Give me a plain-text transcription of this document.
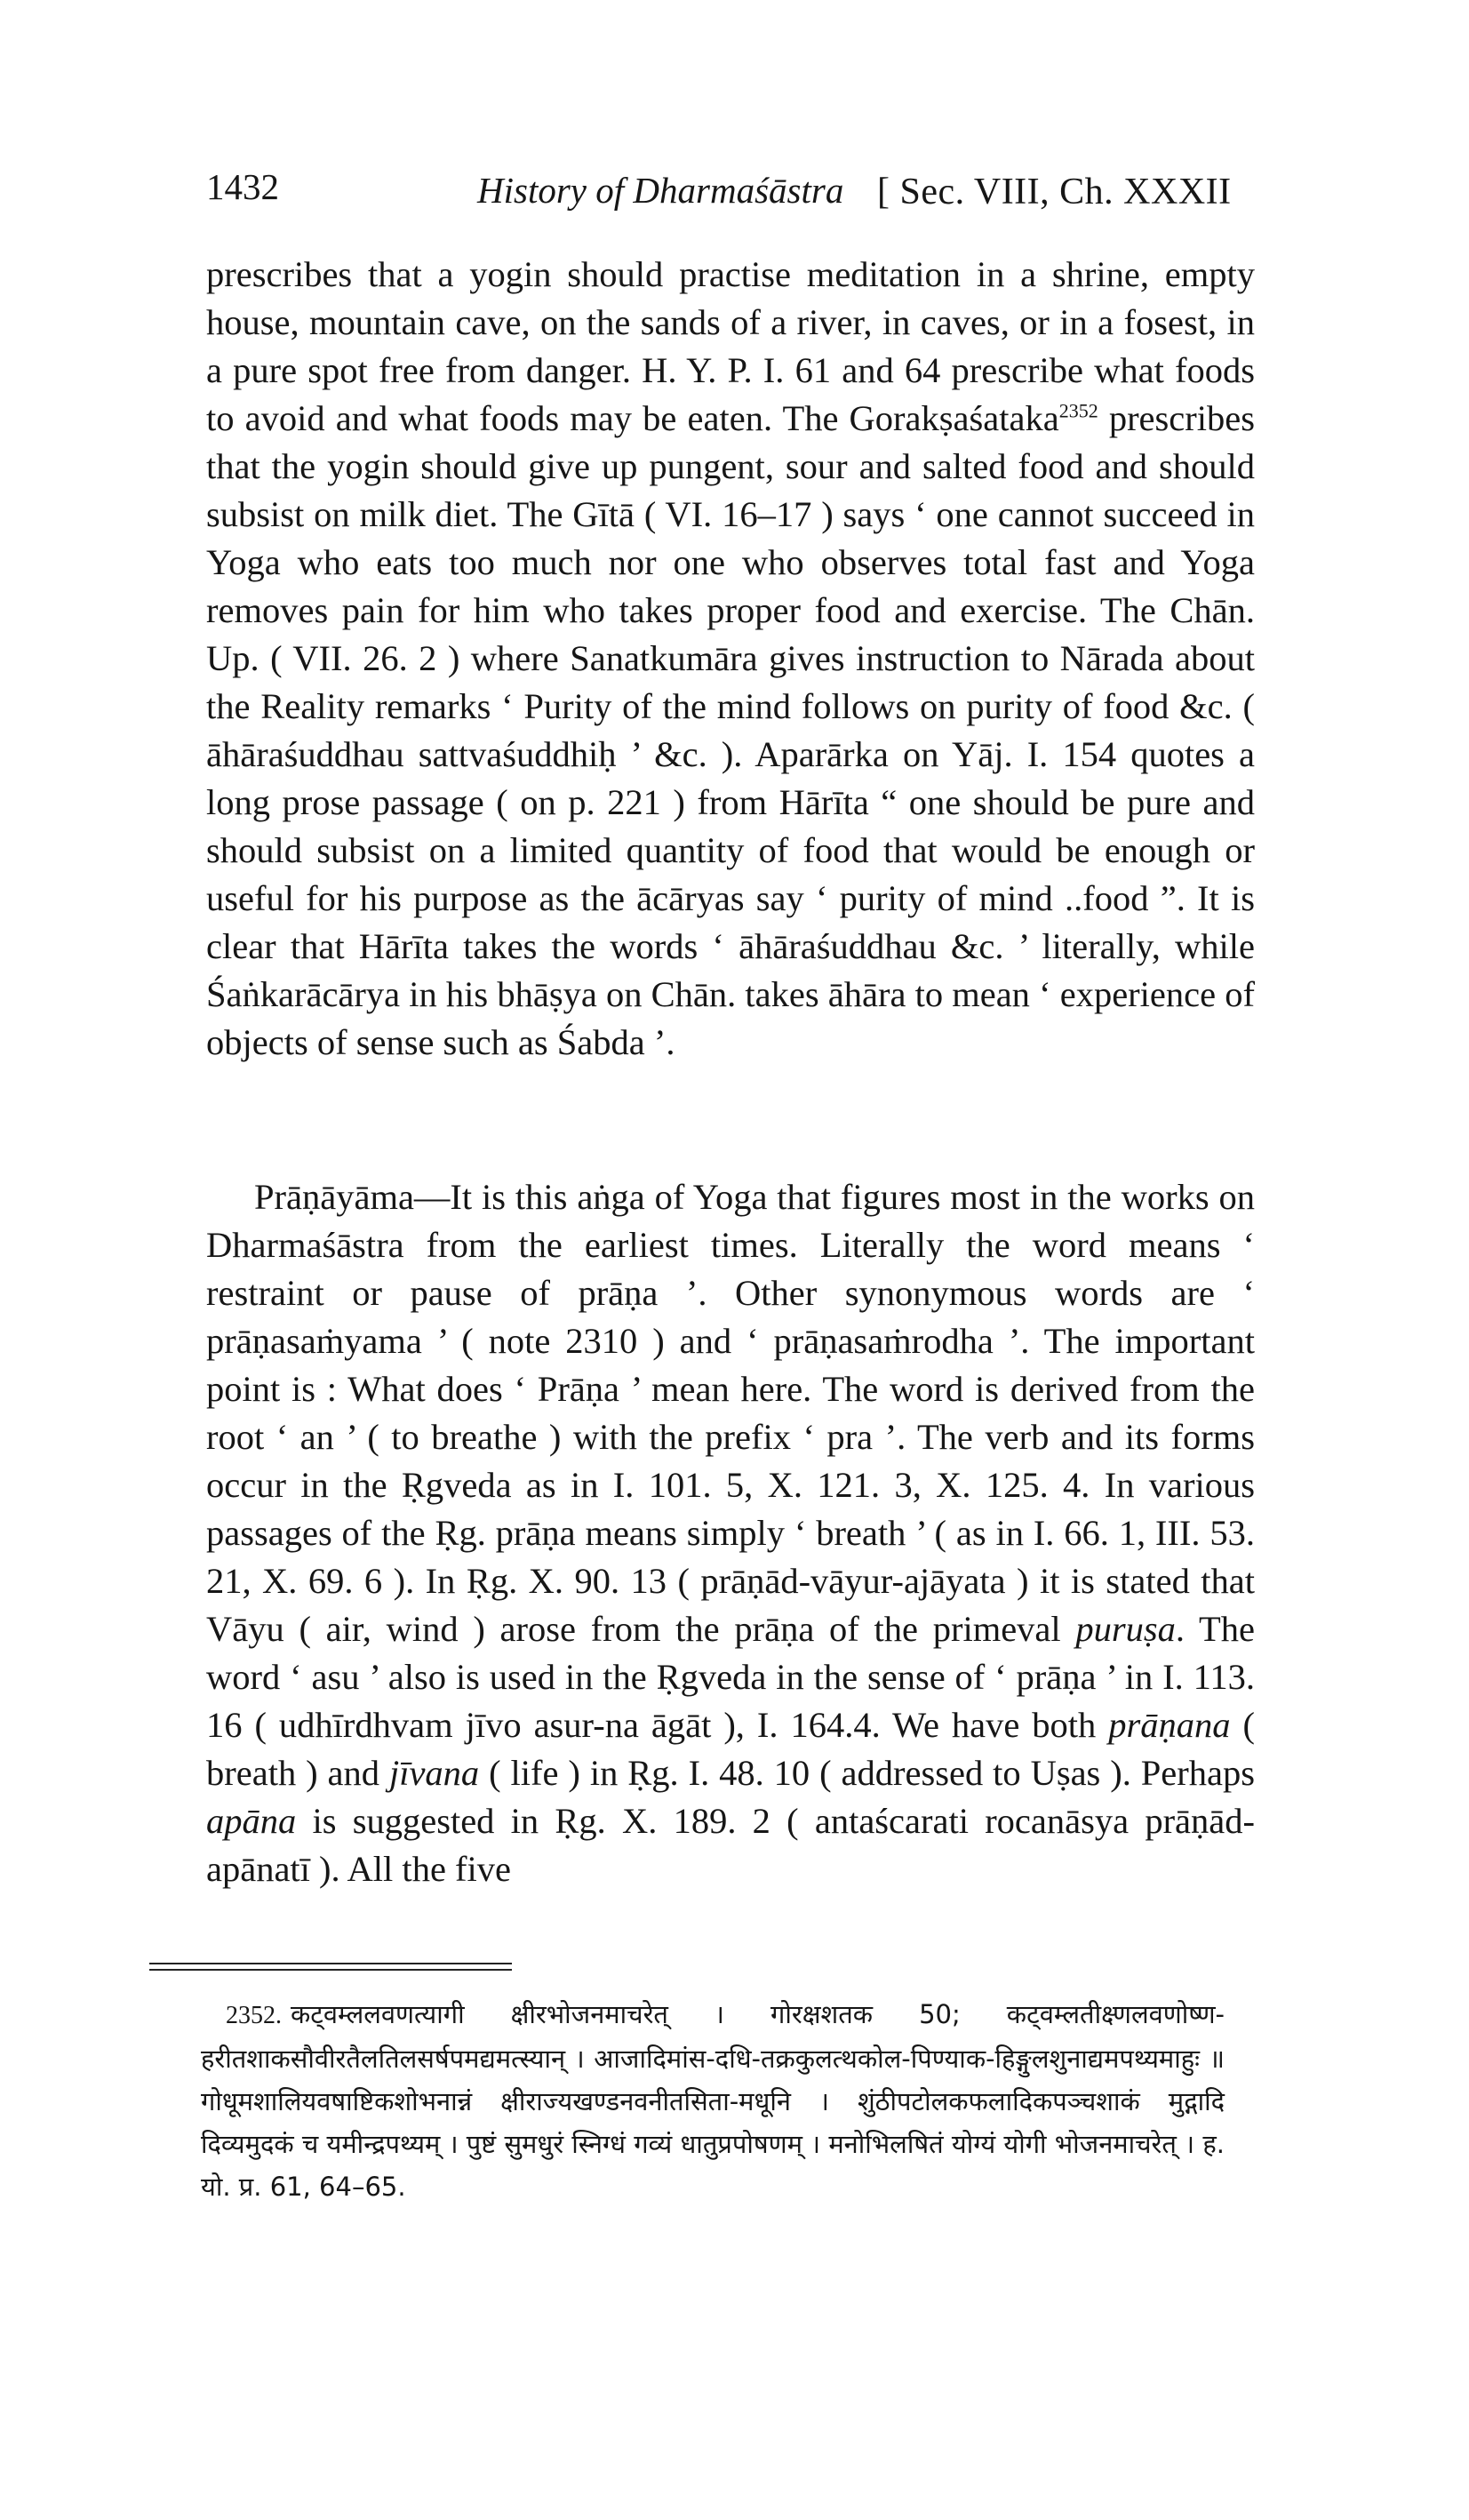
1432	History of Dharmaśāstra [ Sec. VIII, Ch. XXXII

prescribes that a yogin should practise meditation in a shrine, empty house, mountain cave, on the sands of a river, in caves, or in a fosest, in a pure spot free from danger. H. Y. P. I. 61 and 64 prescribe what foods to avoid and what foods may be eaten. The Gorakṣaśataka$^{2352}$ prescribes that the yogin should give up pungent, sour and salted food and should subsist on milk diet. The Gītā ( VI. 16–17 ) says ‘ one cannot succeed in Yoga who eats too much nor one who observes total fast and Yoga removes pain for him who takes proper food and exercise. The Chān. Up. ( VII. 26. 2 ) where Sanatkumāra gives instruction to Nārada about the Reality remarks ‘ Purity of the mind follows on purity of food &c. ( āhāraśuddhau sattvaśuddhiḥ ’ &c. ). Aparārka on Yāj. I. 154 quotes a long prose passage ( on p. 221 ) from Hārīta “ one should be pure and should subsist on a limited quantity of food that would be enough or useful for his purpose as the ācāryas say ‘ purity of mind ..food ”. It is clear that Hārīta takes the words ‘ āhāraśuddhau &c. ’ literally, while Śaṅkarācārya in his bhāṣya on Chān. takes āhāra to mean ‘ experience of objects of sense such as Śabda ’.

Prāṇāyāma—It is this aṅga of Yoga that figures most in the works on Dharmaśāstra from the earliest times. Literally the word means ‘ restraint or pause of prāṇa ’. Other synonymous words are ‘ prāṇasaṁyama ’ ( note 2310 ) and ‘ prāṇasaṁrodha ’. The important point is : What does ‘ Prāṇa ’ mean here. The word is derived from the root ‘ an ’ ( to breathe ) with the prefix ‘ pra ’. The verb and its forms occur in the Ṛgveda as in I. 101. 5, X. 121. 3, X. 125. 4. In various passages of the Ṛg. prāṇa means simply ‘ breath ’ ( as in I. 66. 1, III. 53. 21, X. 69. 6 ). In Ṛg. X. 90. 13 ( prāṇād-vāyur-ajāyata ) it is stated that Vāyu ( air, wind ) arose from the prāṇa of the primeval puruṣa. The word ‘ asu ’ also is used in the Ṛgveda in the sense of ‘ prāṇa ’ in I. 113. 16 ( udhīrdhvam jīvo asur-na āgāt ), I. 164.4. We have both prāṇana ( breath ) and jīvana ( life ) in Ṛg. I. 48. 10 ( addressed to Uṣas ). Perhaps apāna is suggested in Ṛg. X. 189. 2 ( antaścarati rocanāsya prāṇād-apānatī ). All the five

2352. कट्वम्ललवणत्यागी क्षीरभोजनमाचरेत् । गोरक्षशतक 50; कट्वम्लतीक्ष्णलवणोष्ण-हरीतशाकसौवीरतैलतिलसर्षपमद्यमत्स्यान् । आजादिमांस-दधि-तक्रकुलत्थकोल-पिण्याक-हिङ्गुलशुनाद्यमपथ्यमाहुः ॥ गोधूमशालियवषाष्टिकशोभनान्नं क्षीराज्यखण्डनवनीतसिता-मधूनि । शुंठीपटोलकफलादिकपञ्चशाकं मुद्गादि दिव्यमुदकं च यमीन्द्रपथ्यम् । पुष्टं सुमधुरं स्निग्धं गव्यं धातुप्रपोषणम् । मनोभिलषितं योग्यं योगी भोजनमाचरेत् । ह. यो. प्र. 61, 64–65.
